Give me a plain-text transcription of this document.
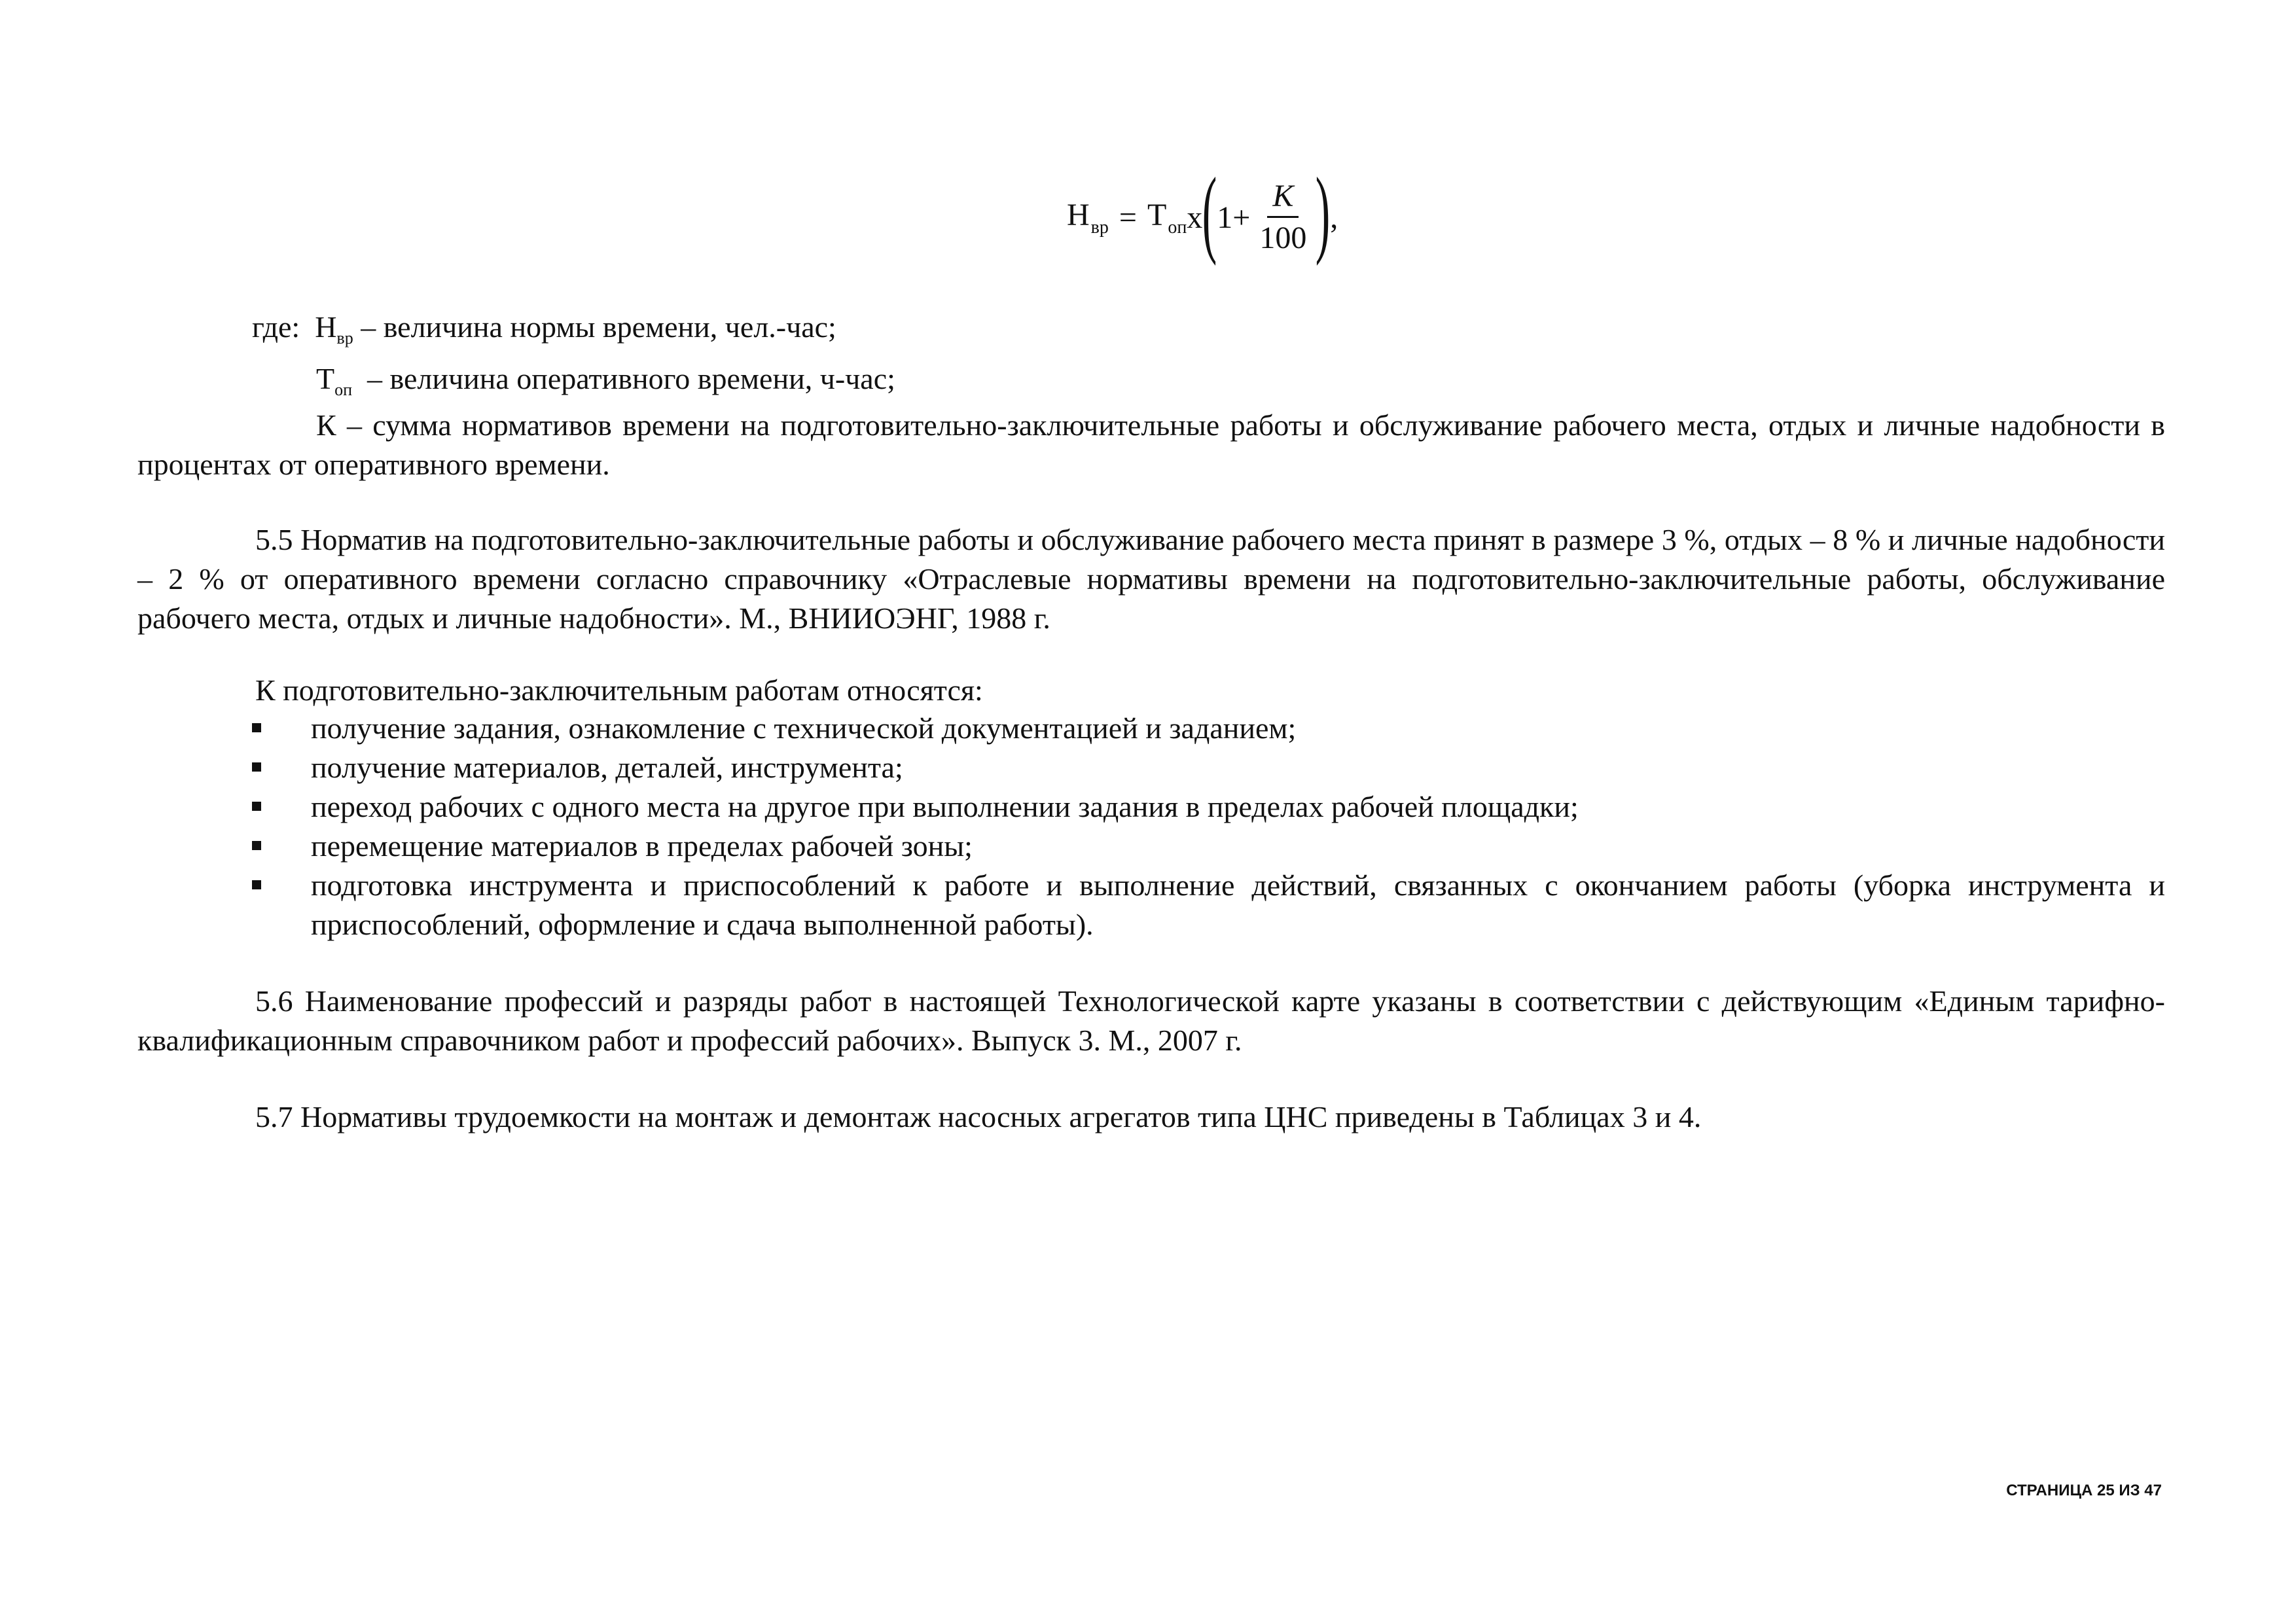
$Н_{вр} = Т_{оп}$ x ( $1+ \frac{K}{100}$ ) ,
где: $Н_{вр}$ – величина нормы времени, чел.-час;
$Т_{оп}$ – величина оперативного времени, ч-час;
К – сумма нормативов времени на подготовительно-заключительные работы и обслуживание рабочего места, отдых и личные надобности в процентах от оперативного времени.
5.5 Норматив на подготовительно-заключительные работы и обслуживание рабочего места принят в размере 3 %, отдых – 8 % и личные надобности – 2 % от оперативного времени согласно справочнику «Отраслевые нормативы времени на подготовительно-заключительные работы, обслуживание рабочего места, отдых и личные надобности». М., ВНИИОЭНГ, 1988 г.
К подготовительно-заключительным работам относятся:
получение задания, ознакомление с технической документацией и заданием;
получение материалов, деталей, инструмента;
переход рабочих с одного места на другое при выполнении задания в пределах рабочей площадки;
перемещение материалов в пределах рабочей зоны;
подготовка инструмента и приспособлений к работе и выполнение действий, связанных с окончанием работы (уборка инструмента и приспособлений, оформление и сдача выполненной работы).
5.6 Наименование профессий и разряды работ в настоящей Технологической карте указаны в соответствии с действующим «Единым тарифно-квалификационным справочником работ и профессий рабочих». Выпуск 3. М., 2007 г.
5.7 Нормативы трудоемкости на монтаж и демонтаж насосных агрегатов типа ЦНС приведены в Таблицах 3 и 4.
СТРАНИЦА 25 ИЗ 47
